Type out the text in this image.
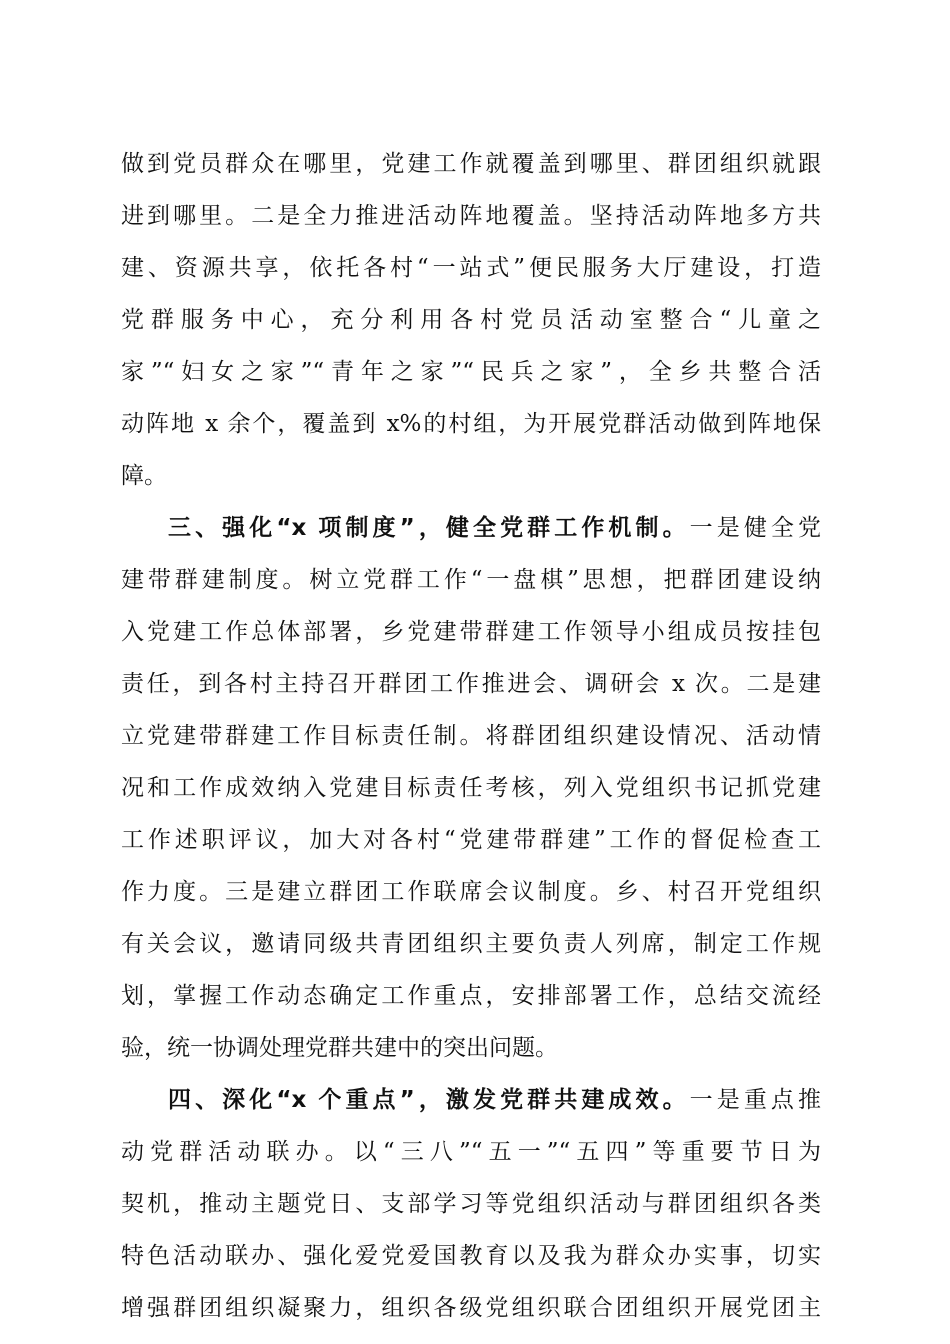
做到党员群众在哪里，党建工作就覆盖到哪里、群团组织就跟
进到哪里。二是全力推进活动阵地覆盖。坚持活动阵地多方共
建、资源共享，依托各村“一站式”便民服务大厅建设，打造
党群服务中心，充分利用各村党员活动室整合“儿童之
家”“妇女之家”“青年之家”“民兵之家”，全乡共整合活
动阵地 x 余个，覆盖到 x%的村组，为开展党群活动做到阵地保
障。
三、强化“x 项制度”，健全党群工作机制。一是健全党
建带群建制度。树立党群工作“一盘棋”思想，把群团建设纳
入党建工作总体部署，乡党建带群建工作领导小组成员按挂包
责任，到各村主持召开群团工作推进会、调研会 x 次。二是建
立党建带群建工作目标责任制。将群团组织建设情况、活动情
况和工作成效纳入党建目标责任考核，列入党组织书记抓党建
工作述职评议，加大对各村“党建带群建”工作的督促检查工
作力度。三是建立群团工作联席会议制度。乡、村召开党组织
有关会议，邀请同级共青团组织主要负责人列席，制定工作规
划，掌握工作动态确定工作重点，安排部署工作，总结交流经
验，统一协调处理党群共建中的突出问题。
四、深化“x 个重点”，激发党群共建成效。一是重点推
动党群活动联办。以“三八”“五一”“五四”等重要节日为
契机，推动主题党日、支部学习等党组织活动与群团组织各类
特色活动联办、强化爱党爱国教育以及我为群众办实事，切实
增强群团组织凝聚力，组织各级党组织联合团组织开展党团主
